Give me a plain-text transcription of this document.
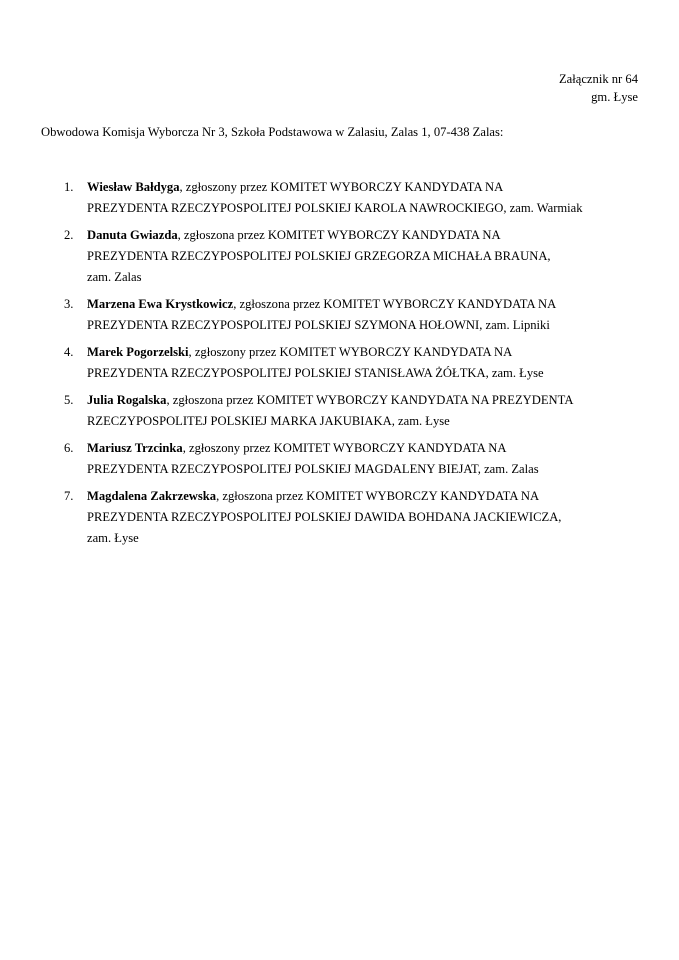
Załącznik nr 64
gm. Łyse
Obwodowa Komisja Wyborcza Nr 3, Szkoła Podstawowa w Zalasiu, Zalas 1, 07-438 Zalas:
1. Wiesław Bałdyga, zgłoszony przez KOMITET WYBORCZY KANDYDATA NA
PREZYDENTA RZECZYPOSPOLITEJ POLSKIEJ KAROLA NAWROCKIEGO, zam. Warmiak
2. Danuta Gwiazda, zgłoszona przez KOMITET WYBORCZY KANDYDATA NA
PREZYDENTA RZECZYPOSPOLITEJ POLSKIEJ GRZEGORZA MICHAŁA BRAUNA,
zam. Zalas
3. Marzena Ewa Krystkowicz, zgłoszona przez KOMITET WYBORCZY KANDYDATA NA
PREZYDENTA RZECZYPOSPOLITEJ POLSKIEJ SZYMONA HOŁOWNI, zam. Lipniki
4. Marek Pogorzelski, zgłoszony przez KOMITET WYBORCZY KANDYDATA NA
PREZYDENTA RZECZYPOSPOLITEJ POLSKIEJ STANISŁAWA ŻÓŁTKA, zam. Łyse
5. Julia Rogalska, zgłoszona przez KOMITET WYBORCZY KANDYDATA NA PREZYDENTA
RZECZYPOSPOLITEJ POLSKIEJ MARKA JAKUBIAKA, zam. Łyse
6. Mariusz Trzcinka, zgłoszony przez KOMITET WYBORCZY KANDYDATA NA
PREZYDENTA RZECZYPOSPOLITEJ POLSKIEJ MAGDALENY BIEJAT, zam. Zalas
7. Magdalena Zakrzewska, zgłoszona przez KOMITET WYBORCZY KANDYDATA NA
PREZYDENTA RZECZYPOSPOLITEJ POLSKIEJ DAWIDA BOHDANA JACKIEWICZA,
zam. Łyse
